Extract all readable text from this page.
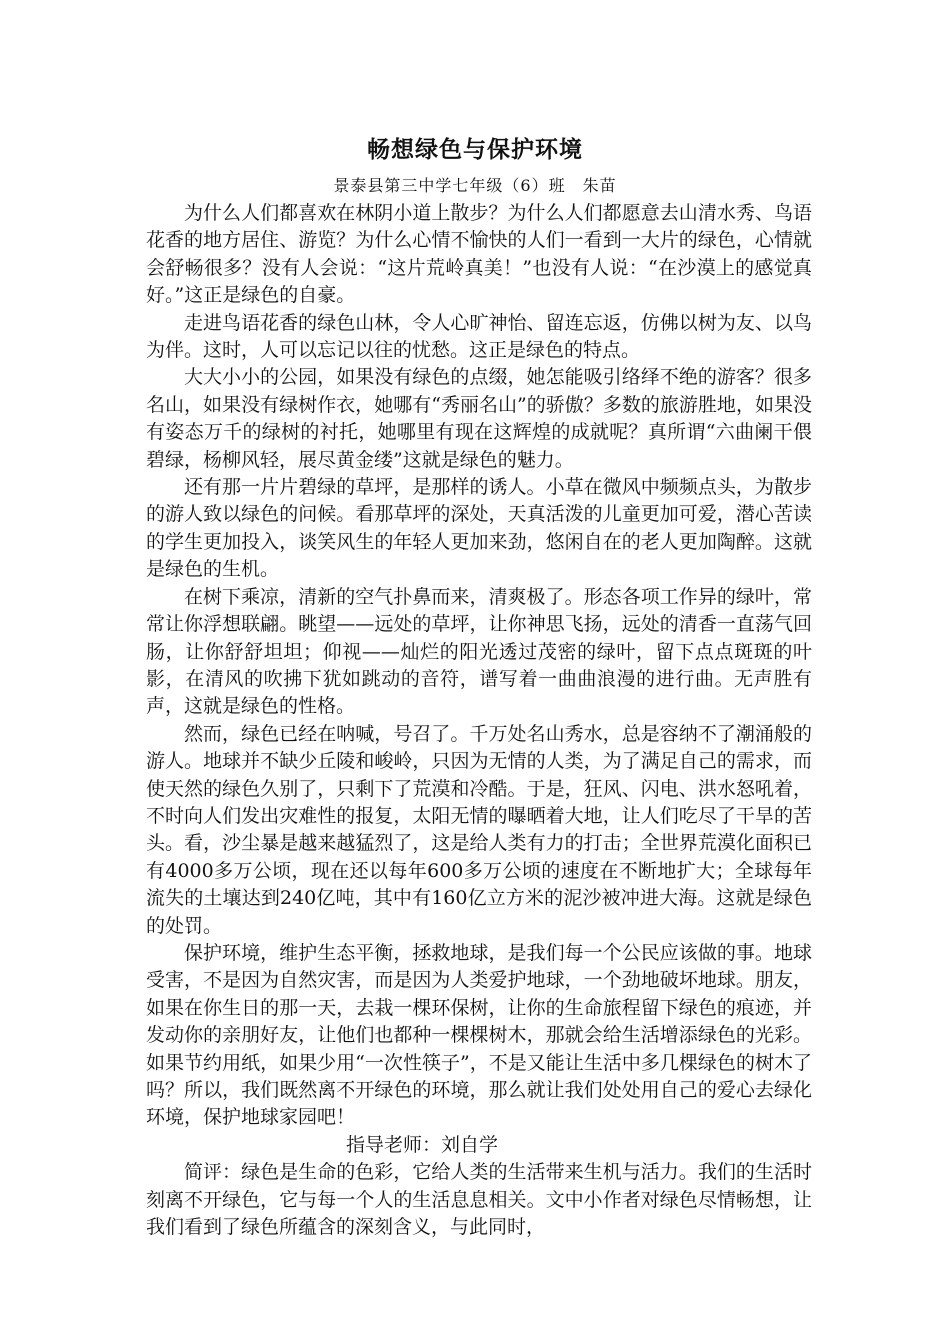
畅想绿色与保护环境
景泰县第三中学七年级（6）班　朱苗

为什么人们都喜欢在林阴小道上散步？为什么人们都愿意去山清水秀、鸟语花香的地方居住、游览？为什么心情不愉快的人们一看到一大片的绿色，心情就会舒畅很多？没有人会说：“这片荒岭真美！”也没有人说：“在沙漠上的感觉真好。”这正是绿色的自豪。

走进鸟语花香的绿色山林，令人心旷神怡、留连忘返，仿佛以树为友、以鸟为伴。这时，人可以忘记以往的忧愁。这正是绿色的特点。

大大小小的公园，如果没有绿色的点缀，她怎能吸引络绎不绝的游客？很多名山，如果没有绿树作衣，她哪有“秀丽名山”的骄傲？多数的旅游胜地，如果没有姿态万千的绿树的衬托，她哪里有现在这辉煌的成就呢？真所谓“六曲阑干偎碧绿，杨柳风轻，展尽黄金缕”这就是绿色的魅力。

还有那一片片碧绿的草坪，是那样的诱人。小草在微风中频频点头，为散步的游人致以绿色的问候。看那草坪的深处，天真活泼的儿童更加可爱，潜心苦读的学生更加投入，谈笑风生的年轻人更加来劲，悠闲自在的老人更加陶醉。这就是绿色的生机。

在树下乘凉，清新的空气扑鼻而来，清爽极了。形态各项工作异的绿叶，常常让你浮想联翩。眺望——远处的草坪，让你神思飞扬，远处的清香一直荡气回肠，让你舒舒坦坦；仰视——灿烂的阳光透过茂密的绿叶，留下点点斑斑的叶影，在清风的吹拂下犹如跳动的音符，谱写着一曲曲浪漫的进行曲。无声胜有声，这就是绿色的性格。

然而，绿色已经在呐喊，号召了。千万处名山秀水，总是容纳不了潮涌般的游人。地球并不缺少丘陵和峻岭，只因为无情的人类，为了满足自己的需求，而使天然的绿色久别了，只剩下了荒漠和冷酷。于是，狂风、闪电、洪水怒吼着，不时向人们发出灾难性的报复，太阳无情的曝晒着大地，让人们吃尽了干旱的苦头。看，沙尘暴是越来越猛烈了，这是给人类有力的打击；全世界荒漠化面积已有4000多万公顷，现在还以每年600多万公顷的速度在不断地扩大；全球每年流失的土壤达到240亿吨，其中有160亿立方米的泥沙被冲进大海。这就是绿色的处罚。

保护环境，维护生态平衡，拯救地球，是我们每一个公民应该做的事。地球受害，不是因为自然灾害，而是因为人类爱护地球，一个劲地破坏地球。朋友，如果在你生日的那一天，去栽一棵环保树，让你的生命旅程留下绿色的痕迹，并发动你的亲朋好友，让他们也都种一棵棵树木，那就会给生活增添绿色的光彩。如果节约用纸，如果少用“一次性筷子”，不是又能让生活中多几棵绿色的树木了吗？所以，我们既然离不开绿色的环境，那么就让我们处处用自己的爱心去绿化环境，保护地球家园吧！

指导老师：刘自学

简评：绿色是生命的色彩，它给人类的生活带来生机与活力。我们的生活时刻离不开绿色，它与每一个人的生活息息相关。文中小作者对绿色尽情畅想，让我们看到了绿色所蕴含的深刻含义，与此同时，
